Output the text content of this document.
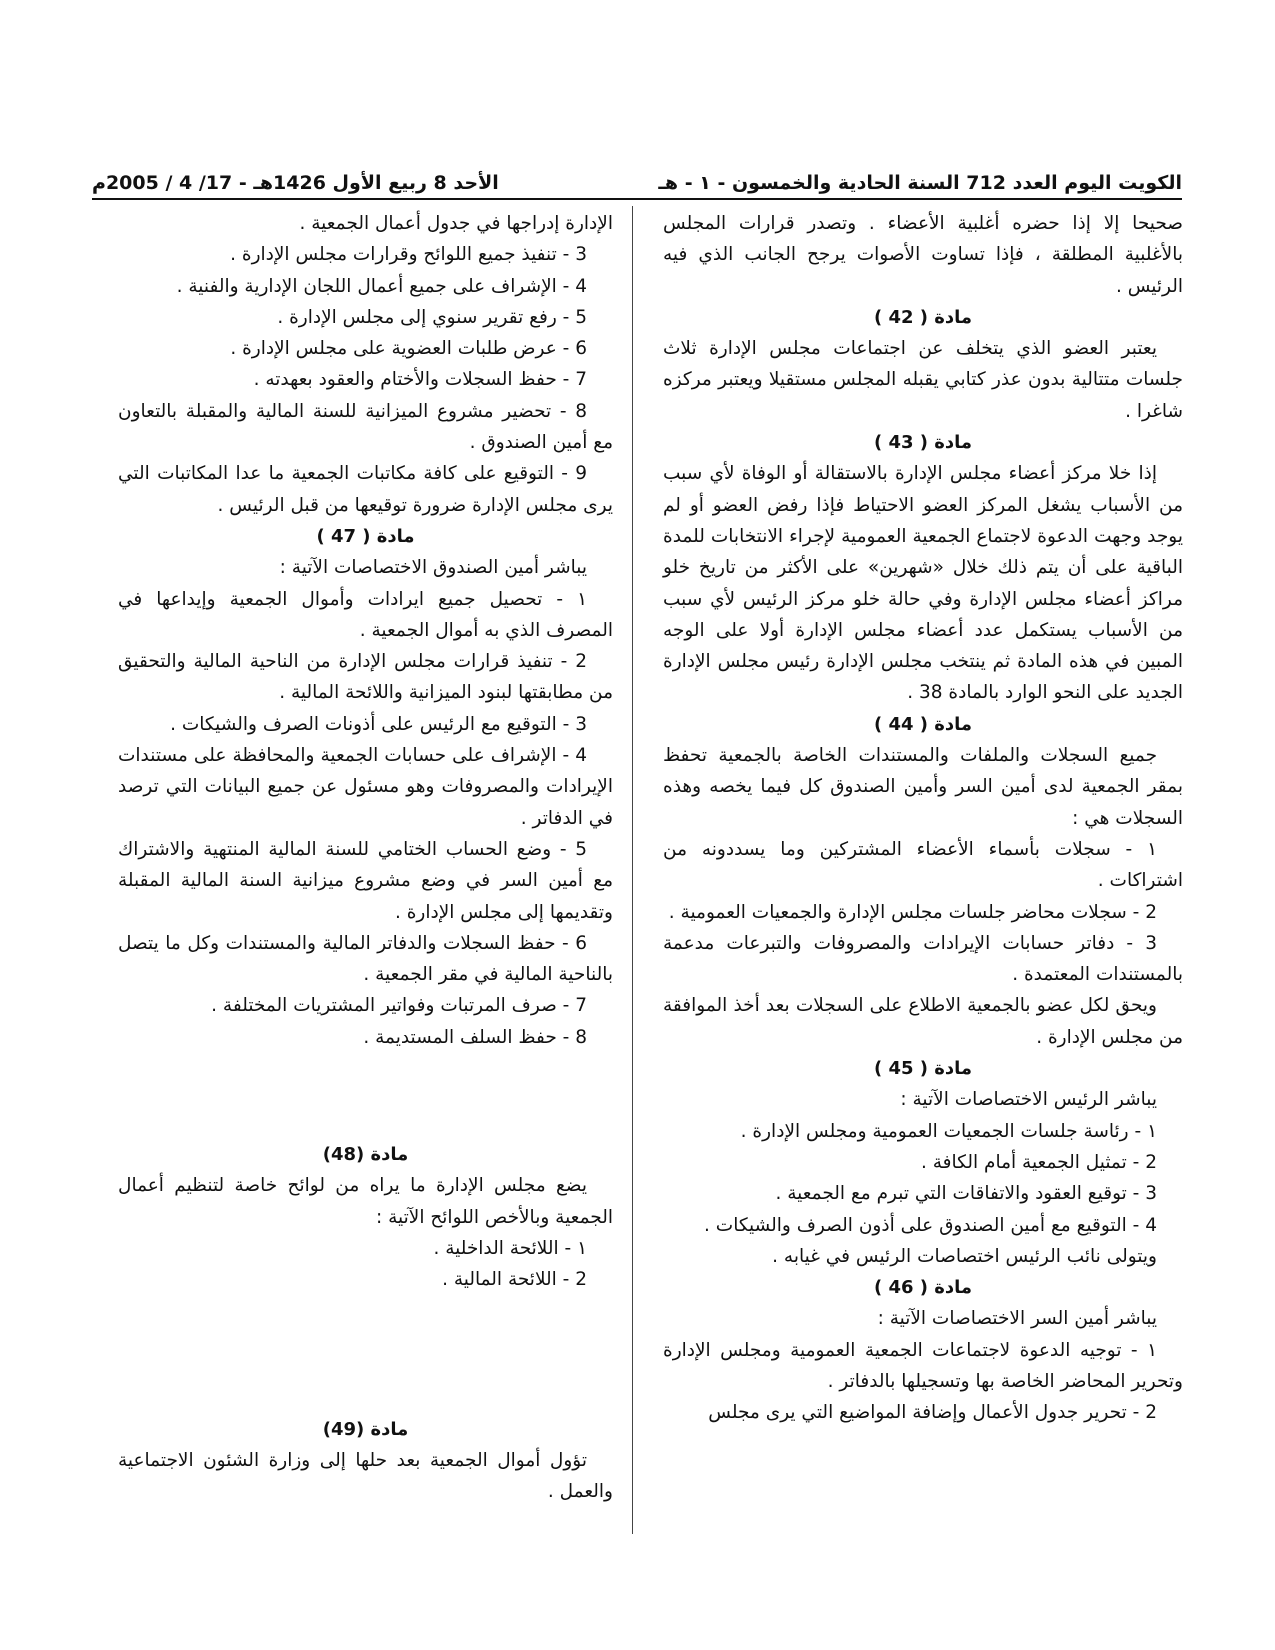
الكويت اليوم العدد 712 السنة الحادية والخمسون - ١ - هـ
الأحد 8 ربيع الأول 1426هـ - 17/ 4 / 2005م

صحيحا إلا إذا حضره أغلبية الأعضاء . وتصدر قرارات المجلس بالأغلبية المطلقة ، فإذا تساوت الأصوات يرجح الجانب الذي فيه الرئيس .

مادة ( 42 )

يعتبر العضو الذي يتخلف عن اجتماعات مجلس الإدارة ثلاث جلسات متتالية بدون عذر كتابي يقبله المجلس مستقيلا ويعتبر مركزه شاغرا .

مادة ( 43 )

إذا خلا مركز أعضاء مجلس الإدارة بالاستقالة أو الوفاة لأي سبب من الأسباب يشغل المركز العضو الاحتياط فإذا رفض العضو أو لم يوجد وجهت الدعوة لاجتماع الجمعية العمومية لإجراء الانتخابات للمدة الباقية على أن يتم ذلك خلال «شهرين» على الأكثر من تاريخ خلو مراكز أعضاء مجلس الإدارة وفي حالة خلو مركز الرئيس لأي سبب من الأسباب يستكمل عدد أعضاء مجلس الإدارة أولا على الوجه المبين في هذه المادة ثم ينتخب مجلس الإدارة رئيس مجلس الإدارة الجديد على النحو الوارد بالمادة 38 .

مادة ( 44 )

جميع السجلات والملفات والمستندات الخاصة بالجمعية تحفظ بمقر الجمعية لدى أمين السر وأمين الصندوق كل فيما يخصه وهذه السجلات هي :

١ - سجلات بأسماء الأعضاء المشتركين وما يسددونه من اشتراكات .

2 - سجلات محاضر جلسات مجلس الإدارة والجمعيات العمومية .

3 - دفاتر حسابات الإيرادات والمصروفات والتبرعات مدعمة بالمستندات المعتمدة .

ويحق لكل عضو بالجمعية الاطلاع على السجلات بعد أخذ الموافقة من مجلس الإدارة .

مادة ( 45 )

يباشر الرئيس الاختصاصات الآتية :

١ - رئاسة جلسات الجمعيات العمومية ومجلس الإدارة .

2 - تمثيل الجمعية أمام الكافة .

3 - توقيع العقود والاتفاقات التي تبرم مع الجمعية .

4 - التوقيع مع أمين الصندوق على أذون الصرف والشيكات .

ويتولى نائب الرئيس اختصاصات الرئيس في غيابه .

مادة ( 46 )

يباشر أمين السر الاختصاصات الآتية :

١ - توجيه الدعوة لاجتماعات الجمعية العمومية ومجلس الإدارة وتحرير المحاضر الخاصة بها وتسجيلها بالدفاتر .

2 - تحرير جدول الأعمال وإضافة المواضيع التي يرى مجلس

الإدارة إدراجها في جدول أعمال الجمعية .

3 - تنفيذ جميع اللوائح وقرارات مجلس الإدارة .

4 - الإشراف على جميع أعمال اللجان الإدارية والفنية .

5 - رفع تقرير سنوي إلى مجلس الإدارة .

6 - عرض طلبات العضوية على مجلس الإدارة .

7 - حفظ السجلات والأختام والعقود بعهدته .

8 - تحضير مشروع الميزانية للسنة المالية والمقبلة بالتعاون مع أمين الصندوق .

9 - التوقيع على كافة مكاتبات الجمعية ما عدا المكاتبات التي يرى مجلس الإدارة ضرورة توقيعها من قبل الرئيس .

مادة ( 47 )

يباشر أمين الصندوق الاختصاصات الآتية :

١ - تحصيل جميع ايرادات وأموال الجمعية وإيداعها في المصرف الذي به أموال الجمعية .

2 - تنفيذ قرارات مجلس الإدارة من الناحية المالية والتحقيق من مطابقتها لبنود الميزانية واللائحة المالية .

3 - التوقيع مع الرئيس على أذونات الصرف والشيكات .

4 - الإشراف على حسابات الجمعية والمحافظة على مستندات الإيرادات والمصروفات وهو مسئول عن جميع البيانات التي ترصد في الدفاتر .

5 - وضع الحساب الختامي للسنة المالية المنتهية والاشتراك مع أمين السر في وضع مشروع ميزانية السنة المالية المقبلة وتقديمها إلى مجلس الإدارة .

6 - حفظ السجلات والدفاتر المالية والمستندات وكل ما يتصل بالناحية المالية في مقر الجمعية .

7 - صرف المرتبات وفواتير المشتريات المختلفة .

8 - حفظ السلف المستديمة .

مادة (48)

يضع مجلس الإدارة ما يراه من لوائح خاصة لتنظيم أعمال الجمعية وبالأخص اللوائح الآتية :

١ - اللائحة الداخلية .

2 - اللائحة المالية .

مادة (49)

تؤول أموال الجمعية بعد حلها إلى وزارة الشئون الاجتماعية والعمل .
